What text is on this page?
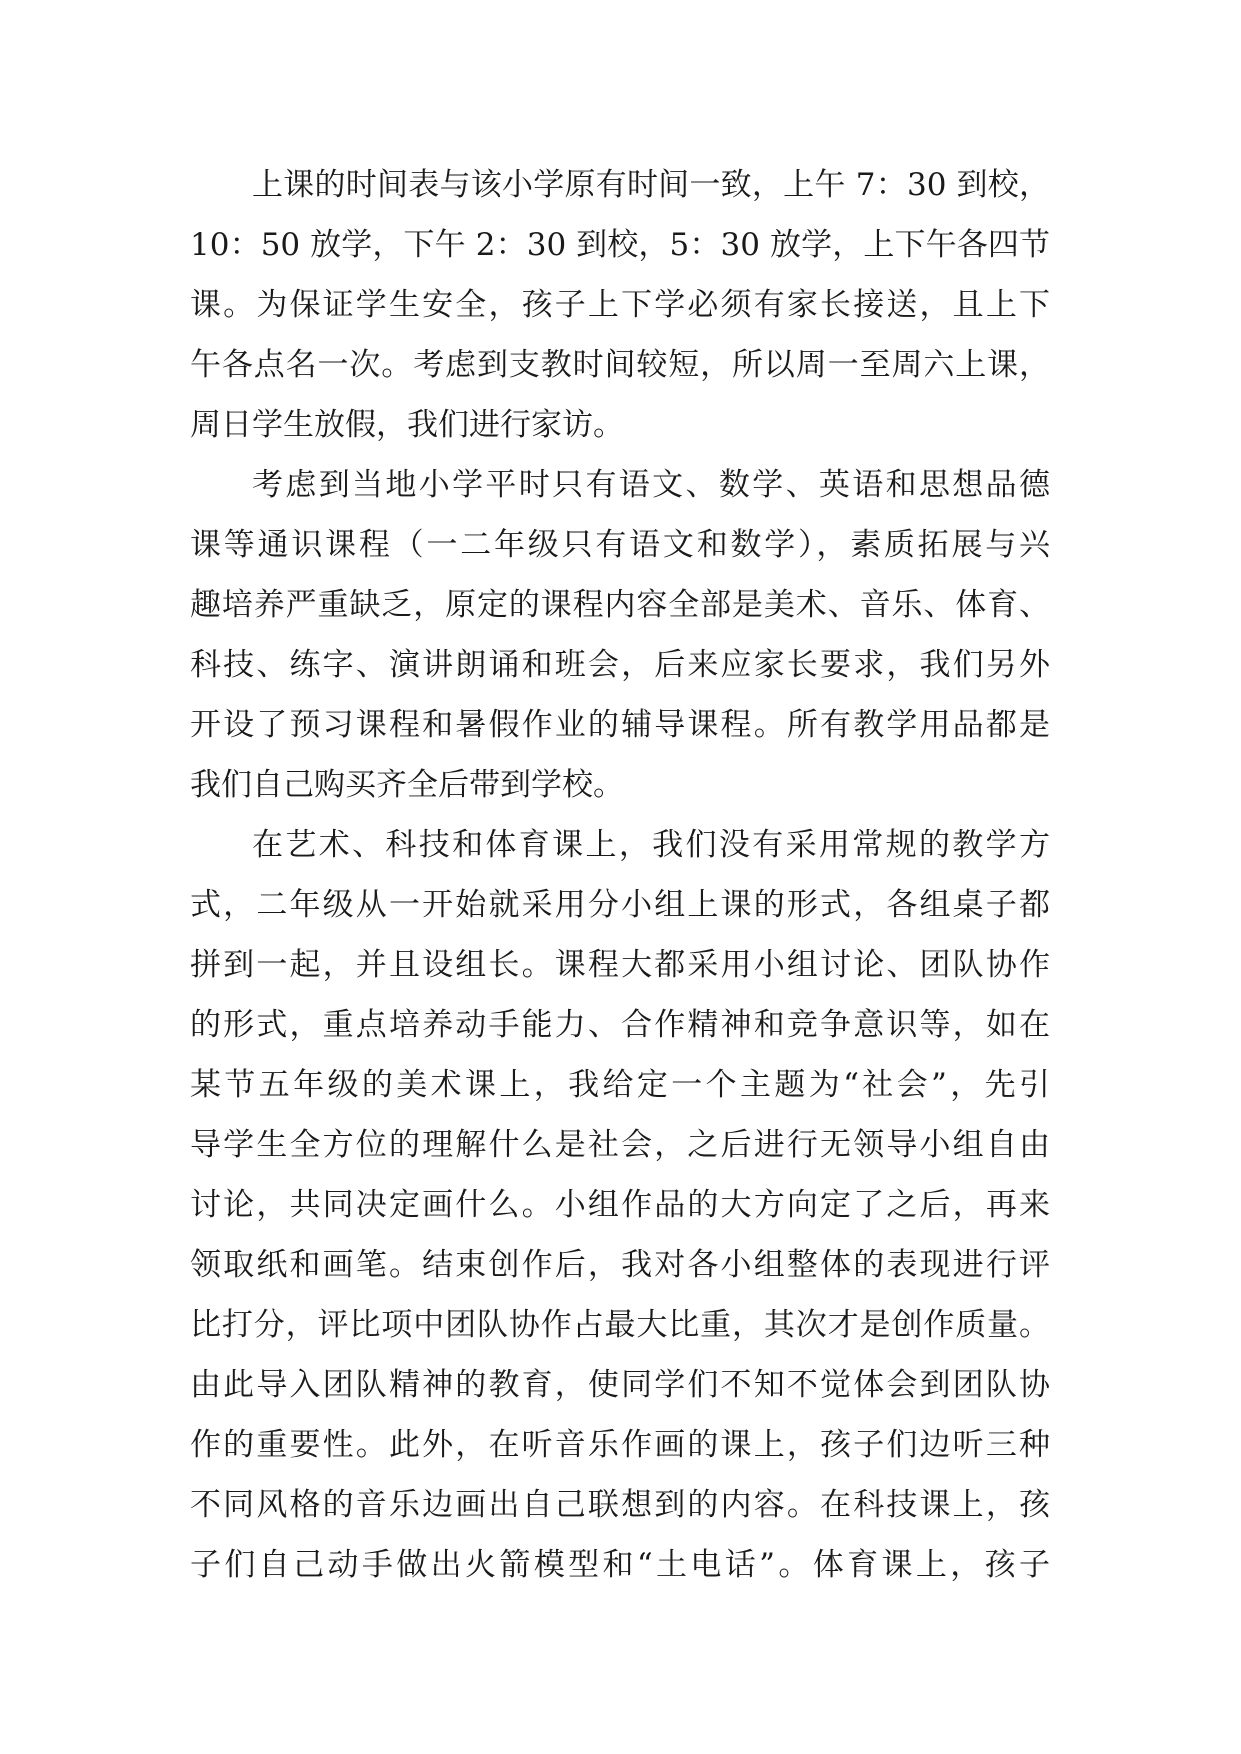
上课的时间表与该小学原有时间一致，上午 7：30 到校，
10：50 放学，下午 2：30 到校，5：30 放学，上下午各四节
课。为保证学生安全，孩子上下学必须有家长接送，且上下
午各点名一次。考虑到支教时间较短，所以周一至周六上课，
周日学生放假，我们进行家访。
考虑到当地小学平时只有语文、数学、英语和思想品德
课等通识课程（一二年级只有语文和数学），素质拓展与兴
趣培养严重缺乏，原定的课程内容全部是美术、音乐、体育、
科技、练字、演讲朗诵和班会，后来应家长要求，我们另外
开设了预习课程和暑假作业的辅导课程。所有教学用品都是
我们自己购买齐全后带到学校。
在艺术、科技和体育课上，我们没有采用常规的教学方
式，二年级从一开始就采用分小组上课的形式，各组桌子都
拼到一起，并且设组长。课程大都采用小组讨论、团队协作
的形式，重点培养动手能力、合作精神和竞争意识等，如在
某节五年级的美术课上，我给定一个主题为“社会”，先引
导学生全方位的理解什么是社会，之后进行无领导小组自由
讨论，共同决定画什么。小组作品的大方向定了之后，再来
领取纸和画笔。结束创作后，我对各小组整体的表现进行评
比打分，评比项中团队协作占最大比重，其次才是创作质量。
由此导入团队精神的教育，使同学们不知不觉体会到团队协
作的重要性。此外，在听音乐作画的课上，孩子们边听三种
不同风格的音乐边画出自己联想到的内容。在科技课上，孩
子们自己动手做出火箭模型和“土电话”。体育课上，孩子
